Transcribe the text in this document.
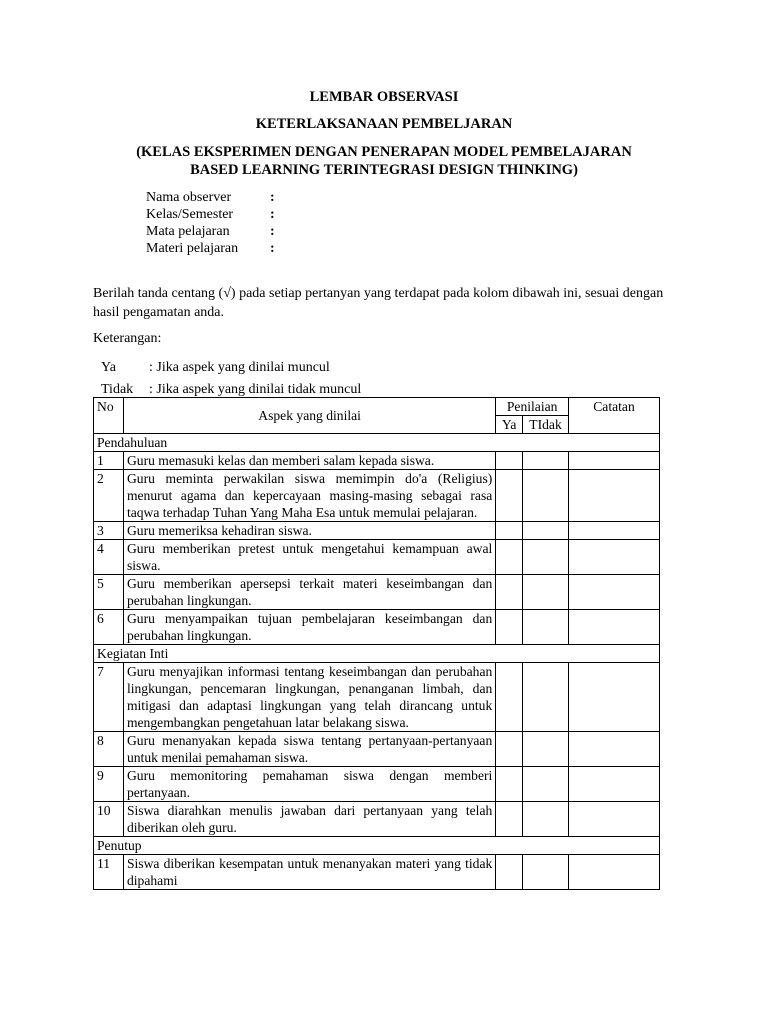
LEMBAR OBSERVASI
KETERLAKSANAAN PEMBELJARAN
(KELAS EKSPERIMEN DENGAN PENERAPAN MODEL PEMBELAJARAN
BASED LEARNING TERINTEGRASI DESIGN THINKING)
Nama observer	:
Kelas/Semester	:
Mata pelajaran	:
Materi pelajaran	:
Berilah tanda centang (√) pada setiap pertanyan yang terdapat pada kolom dibawah ini, sesuai dengan hasil pengamatan anda.
Keterangan:
Ya	: Jika aspek yang dinilai muncul
Tidak	: Jika aspek yang dinilai tidak muncul
No	Aspek yang dinilai	Penilaian		Catatan
		Ya	TIdak	
Pendahuluan				
1	Guru memasuki kelas dan memberi salam kepada siswa.			
2	Guru meminta perwakilan siswa memimpin do'a (Religius) menurut agama dan kepercayaan masing-masing sebagai rasa taqwa terhadap Tuhan Yang Maha Esa untuk memulai pelajaran.			
3	Guru memeriksa kehadiran siswa.			
4	Guru memberikan pretest untuk mengetahui kemampuan awal siswa.			
5	Guru memberikan apersepsi terkait materi keseimbangan dan perubahan lingkungan.			
6	Guru menyampaikan tujuan pembelajaran keseimbangan dan perubahan lingkungan.			
Kegiatan Inti				
7	Guru menyajikan informasi tentang keseimbangan dan perubahan lingkungan, pencemaran lingkungan, penanganan limbah, dan mitigasi dan adaptasi lingkungan yang telah dirancang untuk mengembangkan pengetahuan latar belakang siswa.			
8	Guru menanyakan kepada siswa tentang pertanyaan-pertanyaan untuk menilai pemahaman siswa.			
9	Guru memonitoring pemahaman siswa dengan memberi pertanyaan.			
10	Siswa diarahkan menulis jawaban dari pertanyaan yang telah diberikan oleh guru.			
Penutup				
11	Siswa diberikan kesempatan untuk menanyakan materi yang tidak dipahami			
